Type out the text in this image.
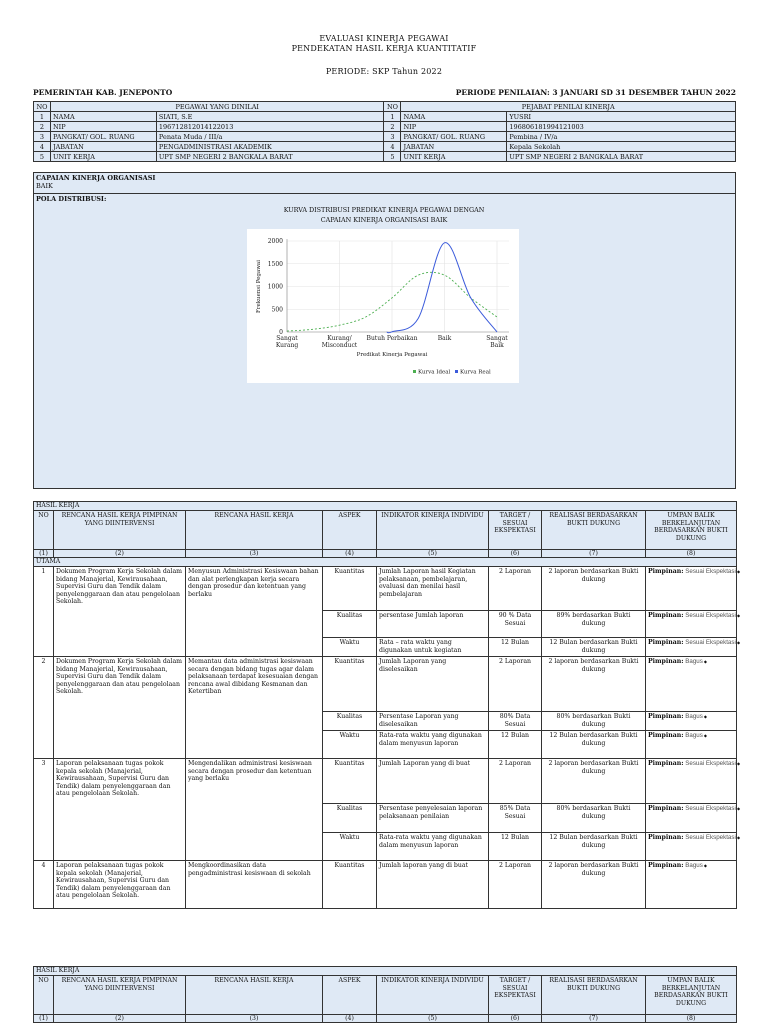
EVALUASI KINERJA PEGAWAI
PENDEKATAN HASIL KERJA KUANTITATIF
PERIODE: SKP Tahun 2022
PEMERINTAH KAB. JENEPONTO	PERIODE PENILAIAN: 3 JANUARI SD 31 DESEMBER TAHUN 2022
NO	PEGAWAI YANG DINILAI		NO	PEJABAT PENILAI KINERJA	
1	NAMA	SIATI, S.E	1	NAMA	YUSRI
2	NIP	196712812014122013	2	NIP	196806181994121003
3	PANGKAT/ GOL. RUANG	Penata Muda / III/a	3	PANGKAT/ GOL. RUANG	Pembina / IV/a
4	JABATAN	PENGADMINISTRASI AKADEMIK	4	JABATAN	Kepala Sekolah
5	UNIT KERJA	UPT SMP NEGERI 2 BANGKALA BARAT	5	UNIT KERJA	UPT SMP NEGERI 2 BANGKALA BARAT
CAPAIAN KINERJA ORGANISASI
BAIK
POLA DISTRIBUSI:
KURVA DISTRIBUSI PREDIKAT KINERJA PEGAWAI DENGAN
CAPAIAN KINERJA ORGANISASI BAIK
0
500
1000
1500
2000
Sangat
Kurang
Kurang/
Misconduct
Butuh Perbaikan	Baik	Sangat
Baik
Predikat Kinerja Pegawai
Frekuensi Pegawai
Kurva Ideal Kurva Real
HASIL KERJA							
NO	RENCANA HASIL KERJA PIMPINAN YANG DIINTERVENSI	RENCANA HASIL KERJA	ASPEK	INDIKATOR KINERJA INDIVIDU	TARGET / SESUAI EKSPEKTASI	REALISASI BERDASARKAN BUKTI DUKUNG	UMPAN BALIK BERKELANJUTAN BERDASARKAN BUKTI DUKUNG
(1)	(2)	(3)	(4)	(5)	(6)	(7)	(8)
UTAMA							
1	Dokumen Program Kerja Sekolah dalam bidang Manajerial, Kewirausahaan, Supervisi Guru dan Tendik dalam penyelenggaraan dan atau pengelolaan Sekolah.	Menyusun Administrasi Kesiswaan bahan dan alat perlengkapan kerja secara dengan prosedur dan ketentuan yang berlaku	Kuantitas	Jumlah Laporan hasil Kegiatan pelaksanaan, pembelajaran, evaluasi dan menilai hasil pembelajaran	2 Laporan	2 laporan berdasarkan Bukti dukung	Pimpinan: Sesuai Ekspektasi ◆
			Kualitas	persentase Jumlah laporan	90 % Data Sesuai	89% berdasarkan Bukti dukung	Pimpinan: Sesuai Ekspektasi ◆
			Waktu	Rata – rata waktu yang digunakan untuk kegiatan	12 Bulan	12 Bulan berdasarkan Bukti dukung	Pimpinan: Sesuai Ekspektasi ◆
2	Dokumen Program Kerja Sekolah dalam bidang Manajerial, Kewirausahaan, Supervisi Guru dan Tendik dalam penyelenggaraan dan atau pengelolaan Sekolah.	Memantau data administrasi kesiswaan secara dengan bidang tugas agar dalam pelaksanaan terdapat kesesuaian dengan rencana awal dibidang Kesmanan dan Ketertiban	Kuantitas	Jumlah Laporan yang diselesaikan	2 Laporan	2 laporan berdasarkan Bukti dukung	Pimpinan: Bagus ◆
			Kualitas	Persentase Laporan yang diselesaikan	80% Data Sesuai	80% berdasarkan Bukti dukung	Pimpinan: Bagus ◆
			Waktu	Rata-rata waktu yang digunakan dalam menyusun laporan	12 Bulan	12 Bulan berdasarkan Bukti dukung	Pimpinan: Bagus ◆
3	Laporan pelaksanaan tugas pokok kepala sekolah (Manajerial, Kewirausahaan, Supervisi Guru dan Tendik) dalam penyelenggaraan dan atau pengelolaan Sekolah.	Mengendalikan administrasi kesiswaan secara dengan prosedur dan ketentuan yang berlaku	Kuantitas	Jumlah Laporan yang di buat	2 Laporan	2 laporan berdasarkan Bukti dukung	Pimpinan: Sesuai Ekspektasi ◆
			Kualitas	Persentase penyelesaian laporan pelaksanaan penilaian	85% Data Sesuai	80% berdasarkan Bukti dukung	Pimpinan: Sesuai Ekspektasi ◆
			Waktu	Rata-rata waktu yang digunakan dalam menyusun laporan	12 Bulan	12 Bulan berdasarkan Bukti dukung	Pimpinan: Sesuai Ekspektasi ◆
4	Laporan pelaksanaan tugas pokok kepala sekolah (Manajerial, Kewirausahaan, Supervisi Guru dan Tendik) dalam penyelenggaraan dan atau pengelolaan Sekolah.	Mengkoordinasikan data pengadministrasi kesiswaan di sekolah	Kuantitas	Jumlah laporan yang di buat	2 Laporan	2 laporan berdasarkan Bukti dukung	Pimpinan: Bagus ◆
HASIL KERJA							
NO	RENCANA HASIL KERJA PIMPINAN YANG DIINTERVENSI	RENCANA HASIL KERJA	ASPEK	INDIKATOR KINERJA INDIVIDU	TARGET / SESUAI EKSPEKTASI	REALISASI BERDASARKAN BUKTI DUKUNG	UMPAN BALIK BERKELANJUTAN BERDASARKAN BUKTI DUKUNG
(1)	(2)	(3)	(4)	(5)	(6)	(7)	(8)
